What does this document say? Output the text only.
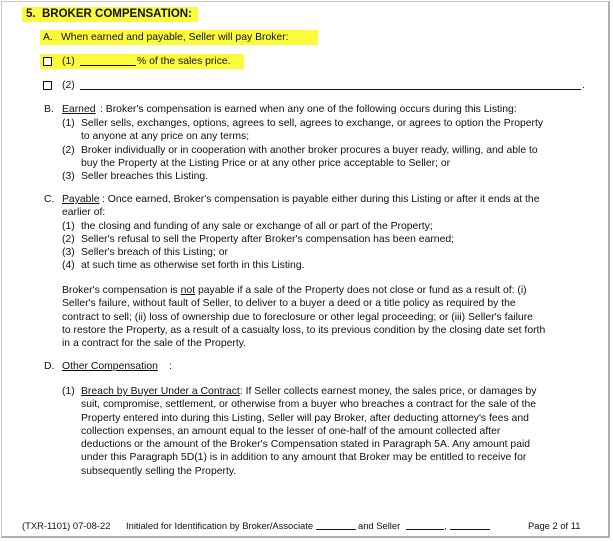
5. BROKER COMPENSATION:
A. When earned and payable, Seller will pay Broker:
(1)	% of the sales price.
(2)	.
B. Earned : Broker's compensation is earned when any one of the following occurs during this Listing:
(1) Seller sells, exchanges, options, agrees to sell, agrees to exchange, or agrees to option the Property
to anyone at any price on any terms;
(2) Broker individually or in cooperation with another broker procures a buyer ready, willing, and able to
buy the Property at the Listing Price or at any other price acceptable to Seller; or
(3) Seller breaches this Listing.
C. Payable : Once earned, Broker's compensation is payable either during this Listing or after it ends at the
earlier of:
(1) the closing and funding of any sale or exchange of all or part of the Property;
(2) Seller's refusal to sell the Property after Broker's compensation has been earned;
(3) Seller's breach of this Listing; or
(4) at such time as otherwise set forth in this Listing.
Broker's compensation is not payable if a sale of the Property does not close or fund as a result of: (i)
Seller's failure, without fault of Seller, to deliver to a buyer a deed or a title policy as required by the
contract to sell; (ii) loss of ownership due to foreclosure or other legal proceeding; or (iii) Seller's failure
to restore the Property, as a result of a casualty loss, to its previous condition by the closing date set forth
in a contract for the sale of the Property.
D. Other Compensation :
(1) Breach by Buyer Under a Contract: If Seller collects earnest money, the sales price, or damages by
suit, compromise, settlement, or otherwise from a buyer who breaches a contract for the sale of the
Property entered into during this Listing, Seller will pay Broker, after deducting attorney's fees and
collection expenses, an amount equal to the lesser of one-half of the amount collected after
deductions or the amount of the Broker's Compensation stated in Paragraph 5A. Any amount paid
under this Paragraph 5D(1) is in addition to any amount that Broker may be entitled to receive for
subsequently selling the Property.
(TXR-1101) 07-08-22 Initialed for Identification by Broker/Associate	and Seller	,	Page 2 of 11
